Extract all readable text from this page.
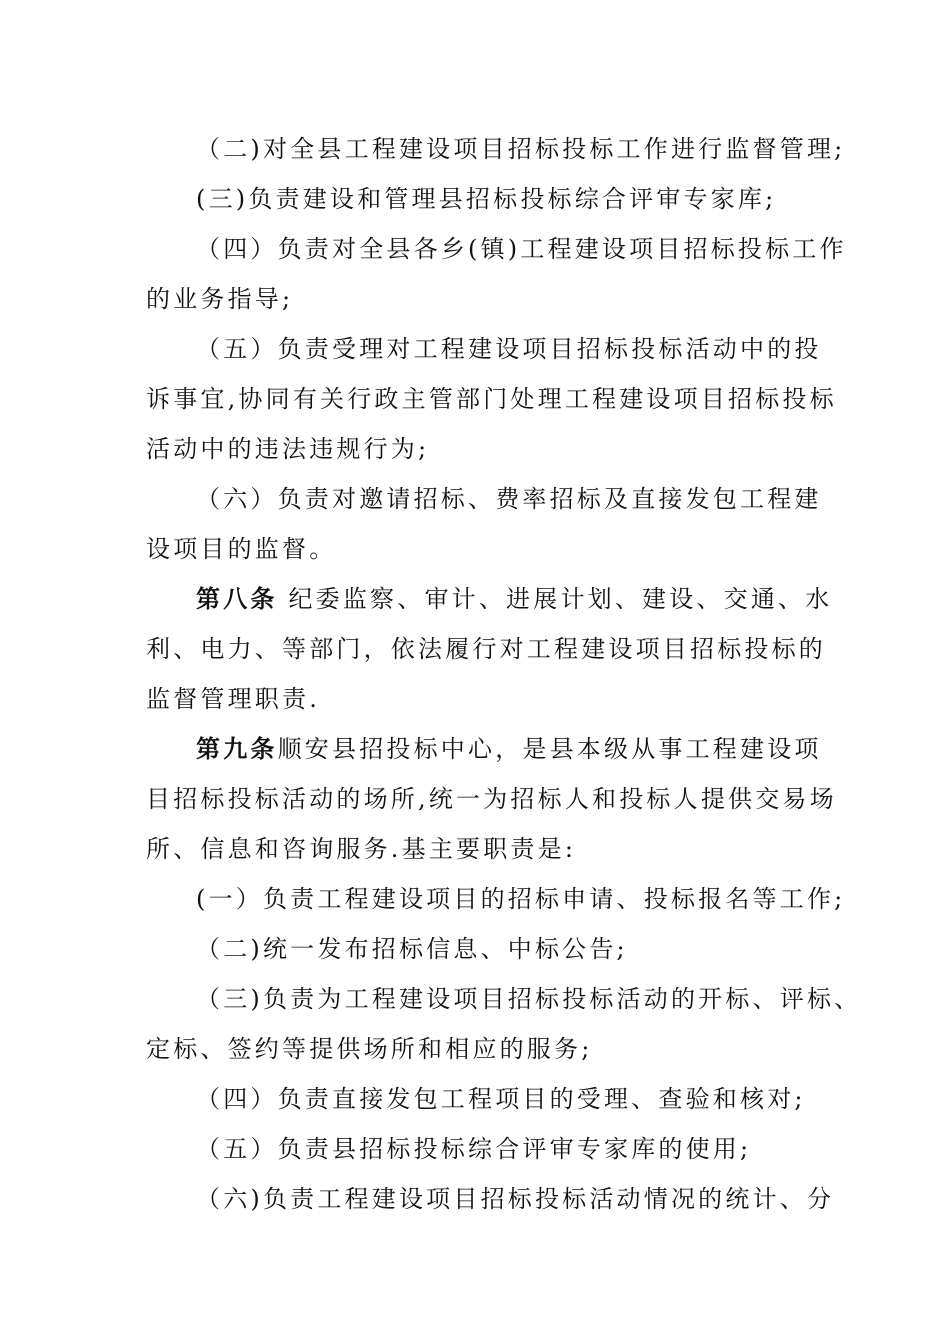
（二)对全县工程建设项目招标投标工作进行监督管理;
(三)负责建设和管理县招标投标综合评审专家库;
（四）负责对全县各乡(镇)工程建设项目招标投标工作
的业务指导;
（五）负责受理对工程建设项目招标投标活动中的投
诉事宜,协同有关行政主管部门处理工程建设项目招标投标
活动中的违法违规行为;
（六）负责对邀请招标、费率招标及直接发包工程建
设项目的监督。
第八条 纪委监察、审计、进展计划、建设、交通、水
利、电力、等部门，依法履行对工程建设项目招标投标的
监督管理职责.
第九条顺安县招投标中心，是县本级从事工程建设项
目招标投标活动的场所,统一为招标人和投标人提供交易场
所、信息和咨询服务.基主要职责是:
(一）负责工程建设项目的招标申请、投标报名等工作;
（二)统一发布招标信息、中标公告;
（三)负责为工程建设项目招标投标活动的开标、评标、
定标、签约等提供场所和相应的服务;
（四）负责直接发包工程项目的受理、查验和核对;
（五）负责县招标投标综合评审专家库的使用;
（六)负责工程建设项目招标投标活动情况的统计、分
